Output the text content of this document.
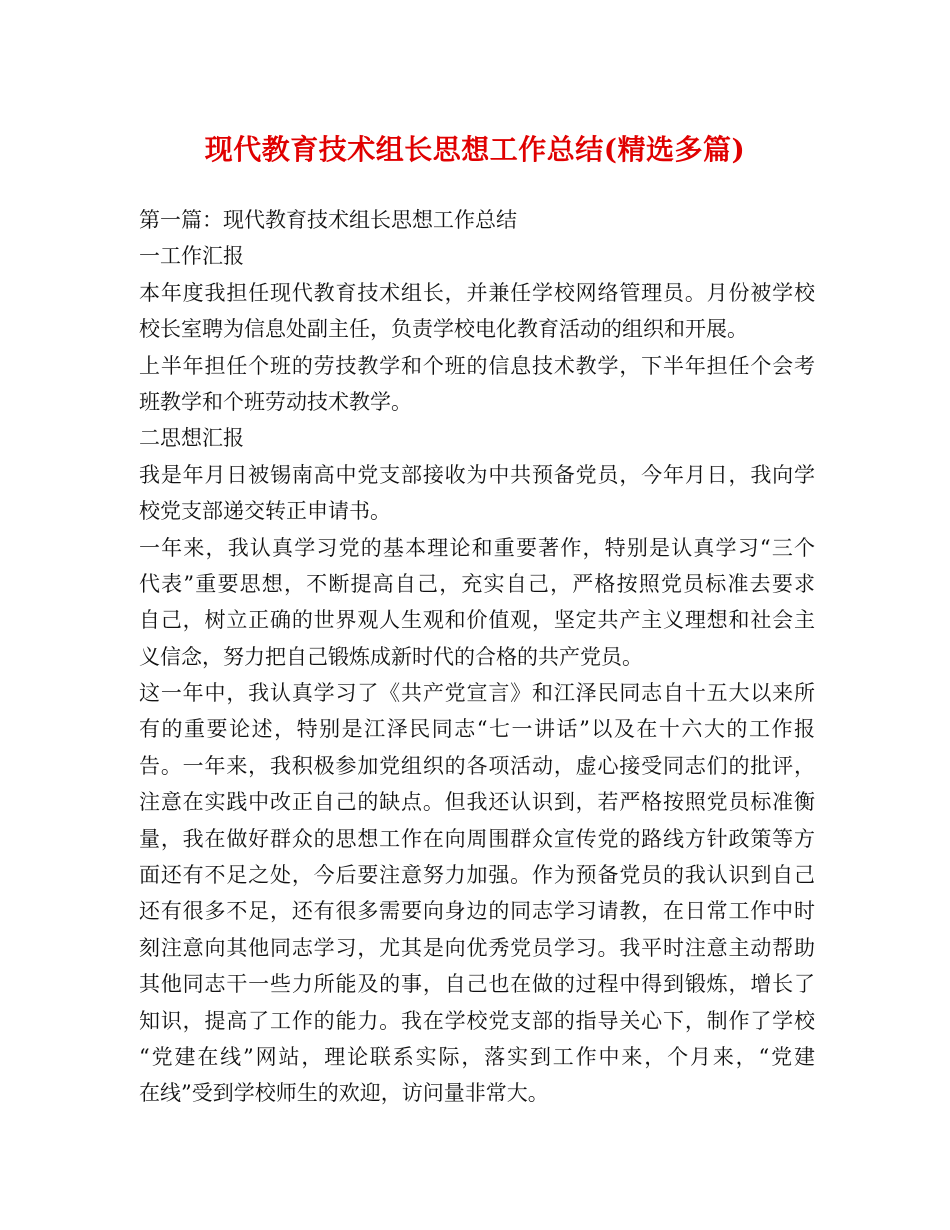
现代教育技术组长思想工作总结(精选多篇)
第一篇：现代教育技术组长思想工作总结
一工作汇报
本年度我担任现代教育技术组长，并兼任学校网络管理员。月份被学校
校长室聘为信息处副主任，负责学校电化教育活动的组织和开展。
上半年担任个班的劳技教学和个班的信息技术教学，下半年担任个会考
班教学和个班劳动技术教学。
二思想汇报
我是年月日被锡南高中党支部接收为中共预备党员，今年月日，我向学
校党支部递交转正申请书。
一年来，我认真学习党的基本理论和重要著作，特别是认真学习“三个
代表”重要思想，不断提高自己，充实自己，严格按照党员标准去要求
自己，树立正确的世界观人生观和价值观，坚定共产主义理想和社会主
义信念，努力把自己锻炼成新时代的合格的共产党员。
这一年中，我认真学习了《共产党宣言》和江泽民同志自十五大以来所
有的重要论述，特别是江泽民同志“七一讲话”以及在十六大的工作报
告。一年来，我积极参加党组织的各项活动，虚心接受同志们的批评，
注意在实践中改正自己的缺点。但我还认识到，若严格按照党员标准衡
量，我在做好群众的思想工作在向周围群众宣传党的路线方针政策等方
面还有不足之处，今后要注意努力加强。作为预备党员的我认识到自己
还有很多不足，还有很多需要向身边的同志学习请教，在日常工作中时
刻注意向其他同志学习，尤其是向优秀党员学习。我平时注意主动帮助
其他同志干一些力所能及的事，自己也在做的过程中得到锻炼，增长了
知识，提高了工作的能力。我在学校党支部的指导关心下，制作了学校
“党建在线”网站，理论联系实际，落实到工作中来，个月来，“党建
在线”受到学校师生的欢迎，访问量非常大。
